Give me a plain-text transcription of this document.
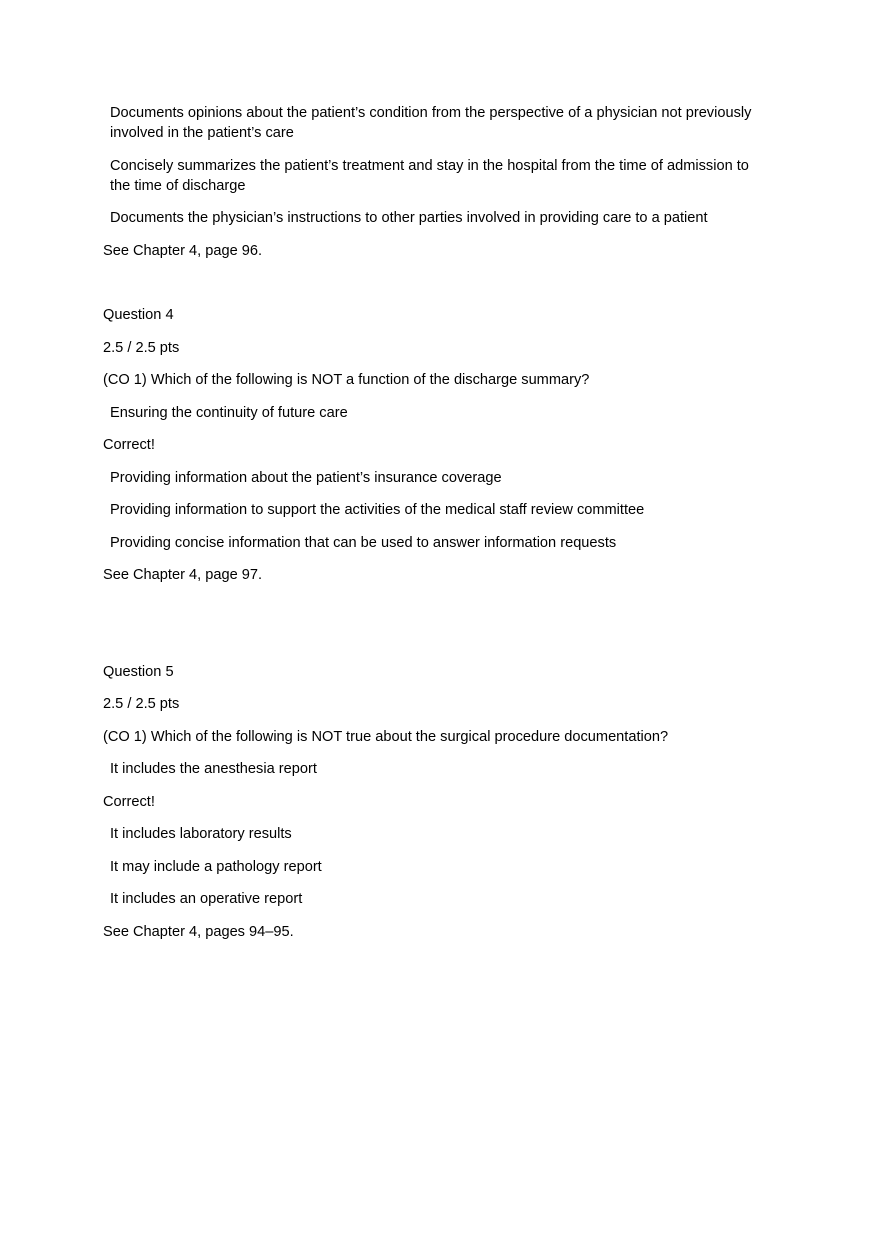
Documents opinions about the patient’s condition from the perspective of a physician not previously involved in the patient’s care

Concisely summarizes the patient’s treatment and stay in the hospital from the time of admission to the time of discharge

Documents the physician’s instructions to other parties involved in providing care to a patient

See Chapter 4, page 96.

Question 4

2.5 / 2.5 pts

(CO 1) Which of the following is NOT a function of the discharge summary?

Ensuring the continuity of future care

Correct!

Providing information about the patient’s insurance coverage

Providing information to support the activities of the medical staff review committee

Providing concise information that can be used to answer information requests

See Chapter 4, page 97.

Question 5

2.5 / 2.5 pts

(CO 1) Which of the following is NOT true about the surgical procedure documentation?

It includes the anesthesia report

Correct!

It includes laboratory results

It may include a pathology report

It includes an operative report

See Chapter 4, pages 94–95.
